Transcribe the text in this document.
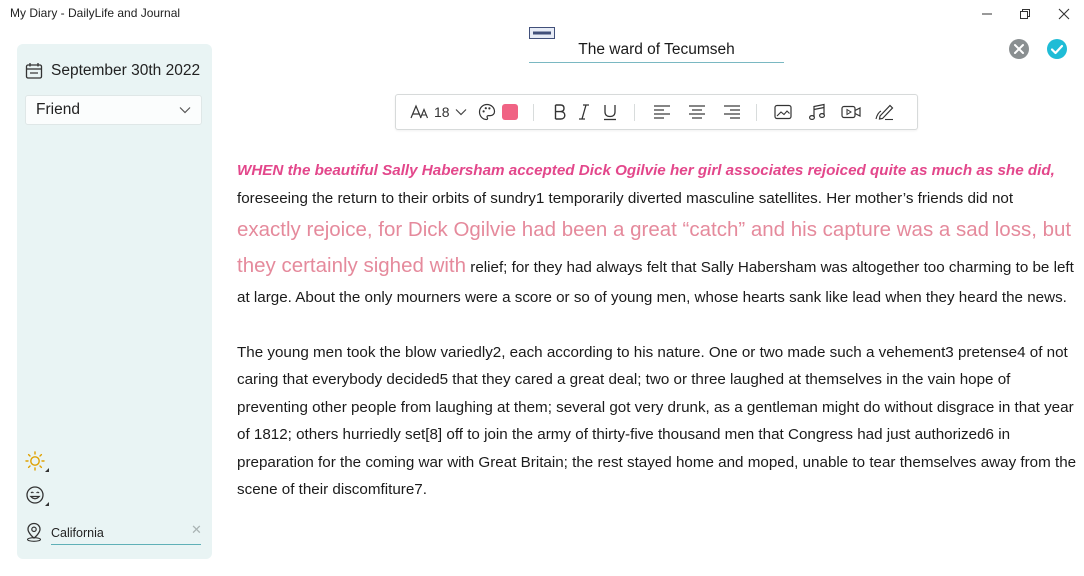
My Diary - DailyLife and Journal
September 30th 2022
Friend
California
✕
The ward of Tecumseh
18

WHEN the beautiful Sally Habersham accepted Dick Ogilvie her girl associates rejoiced quite as much as she did, foreseeing the return to their orbits of sundry1 temporarily diverted masculine satellites. Her mother’s friends did not exactly rejoice, for Dick Ogilvie had been a great “catch” and his capture was a sad loss, but they certainly sighed with relief; for they had always felt that Sally Habersham was altogether too charming to be left at large. About the only mourners were a score or so of young men, whose hearts sank like lead when they heard the news.

The young men took the blow variedly2, each according to his nature. One or two made such a vehement3 pretense4 of not caring that everybody decided5 that they cared a great deal; two or three laughed at themselves in the vain hope of preventing other people from laughing at them; several got very drunk, as a gentleman might do without disgrace in that year of 1812; others hurriedly set[8] off to join the army of thirty-five thousand men that Congress had just authorized6 in preparation for the coming war with Great Britain; the rest stayed home and moped, unable to tear themselves away from the scene of their discomfiture7.
